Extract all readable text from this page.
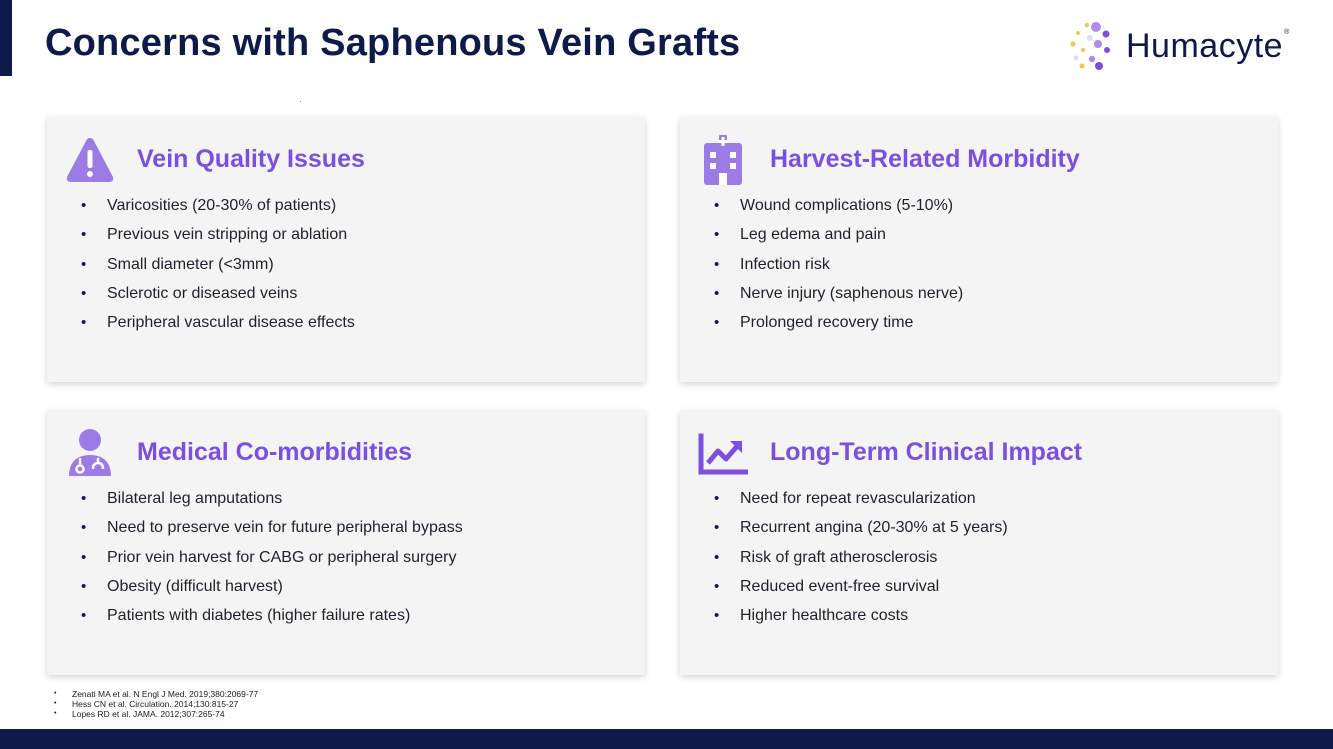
Concerns with Saphenous Vein Grafts	Humacyte®
Vein Quality Issues
• Varicosities (20-30% of patients)
• Previous vein stripping or ablation
• Small diameter (<3mm)
• Sclerotic or diseased veins
• Peripheral vascular disease effects
Harvest-Related Morbidity
• Wound complications (5-10%)
• Leg edema and pain
• Infection risk
• Nerve injury (saphenous nerve)
• Prolonged recovery time
Medical Co-morbidities
• Bilateral leg amputations
• Need to preserve vein for future peripheral bypass
• Prior vein harvest for CABG or peripheral surgery
• Obesity (difficult harvest)
• Patients with diabetes (higher failure rates)
Long-Term Clinical Impact
• Need for repeat revascularization
• Recurrent angina (20-30% at 5 years)
• Risk of graft atherosclerosis
• Reduced event-free survival
• Higher healthcare costs
• Zenati MA et al. N Engl J Med. 2019;380:2069-77
• Hess CN et al. Circulation. 2014;130:815-27
• Lopes RD et al. JAMA. 2012;307:265-74
